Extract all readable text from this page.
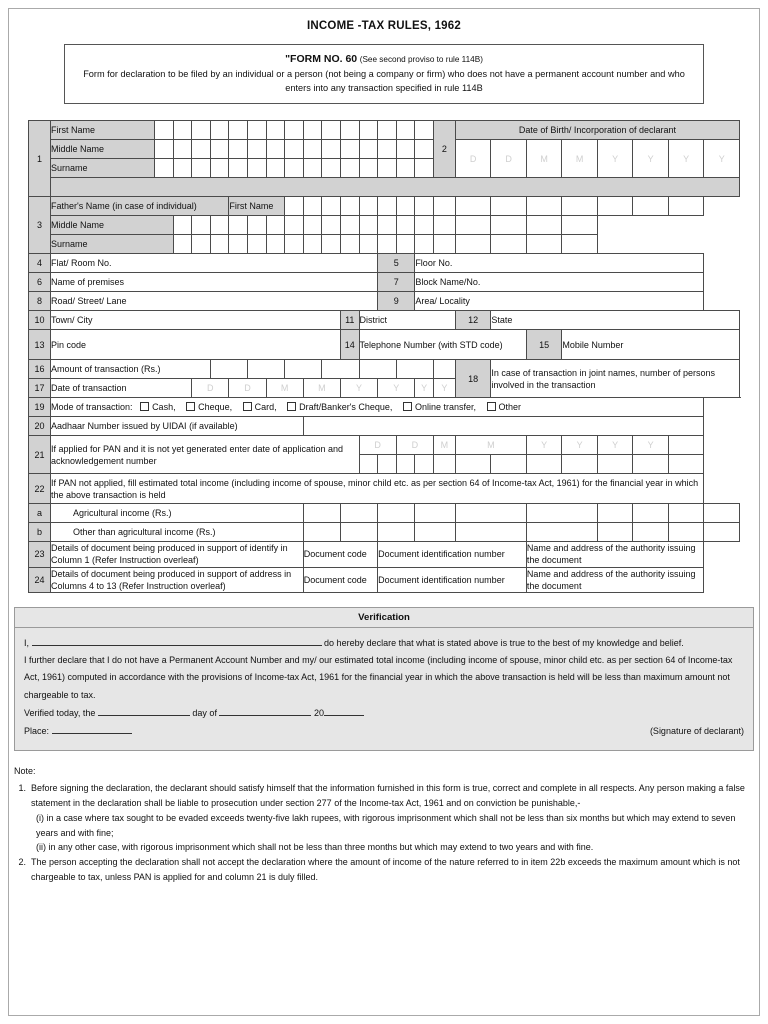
INCOME -TAX RULES, 1962
"FORM NO. 60 (See second proviso to rule 114B)
Form for declaration to be filed by an individual or a person (not being a company or firm) who does not have a permanent account number and who enters into any transaction specified in rule 114B
1	First Name																2	Date of Birth/ Incorporation of declarant							
	Middle Name																	D	D	M	M	Y	Y	Y	Y
	Surname																								

3	Father's Name (in case of individual)					First Name																			
	Middle Name																								
	Surname																								
4	Flat/ Room No.													5		Floor No.									
6	Name of premises													7		Block Name/No.									
8	Road/ Street/ Lane													9		Area/ Locality									
10	Town/ City											11	District					12	State						
13	Pin code											14	Telephone Number (with STD code)							15	Mobile Number				
16	Amount of transaction (Rs.)																	18	In case of transaction in joint names, number of persons involved in the transaction						
17	Date of transaction			D		D		M		M		Y		Y		Y	Y								
19	Mode of transaction: Cash, Cheque, Card, Draft/Banker's Cheque, Online transfer, Other																								
20	Aadhaar Number issued by UIDAI (if available)																								
21	If applied for PAN and it is not yet generated enter date of application and acknowledgement number												D		D		M	M		Y	Y	Y	Y		

22	If PAN not applied, fill estimated total income (including income of spouse, minor child etc. as per section 64 of Income-tax Act, 1961) for the financial year in which the above transaction is held																								
a	Agricultural income (Rs.)																								
b	Other than agricultural income (Rs.)																								
23	Details of document being produced in support of identify in Column 1 (Refer Instruction overleaf)									Document code				Document identification number						Name and address of the authority issuing the document					
24	Details of document being produced in support of address in Columns 4 to 13 (Refer Instruction overleaf)									Document code				Document identification number						Name and address of the authority issuing the document					
Verification
I,	do hereby declare that what is stated above is true to the best of my knowledge and belief.
I further declare that I do not have a Permanent Account Number and my/ our estimated total income (including income of spouse, minor child etc. as per section 64 of Income-tax Act, 1961) computed in accordance with the provisions of Income-tax Act, 1961 for the financial year in which the above transaction is held will be less than maximum amount not chargeable to tax.
Verified today, the	day of	20
Place:	(Signature of declarant)
Note:
1. Before signing the declaration, the declarant should satisfy himself that the information furnished in this form is true, correct and complete in all respects. Any person making a false statement in the declaration shall be liable to prosecution under section 277 of the Income-tax Act, 1961 and on conviction be punishable,-
(i) in a case where tax sought to be evaded exceeds twenty-five lakh rupees, with rigorous imprisonment which shall not be less than six months but which may extend to seven years and with fine;
(ii) in any other case, with rigorous imprisonment which shall not be less than three months but which may extend to two years and with fine.
2. The person accepting the declaration shall not accept the declaration where the amount of income of the nature referred to in item 22b exceeds the maximum amount which is not chargeable to tax, unless PAN is applied for and column 21 is duly filled.
